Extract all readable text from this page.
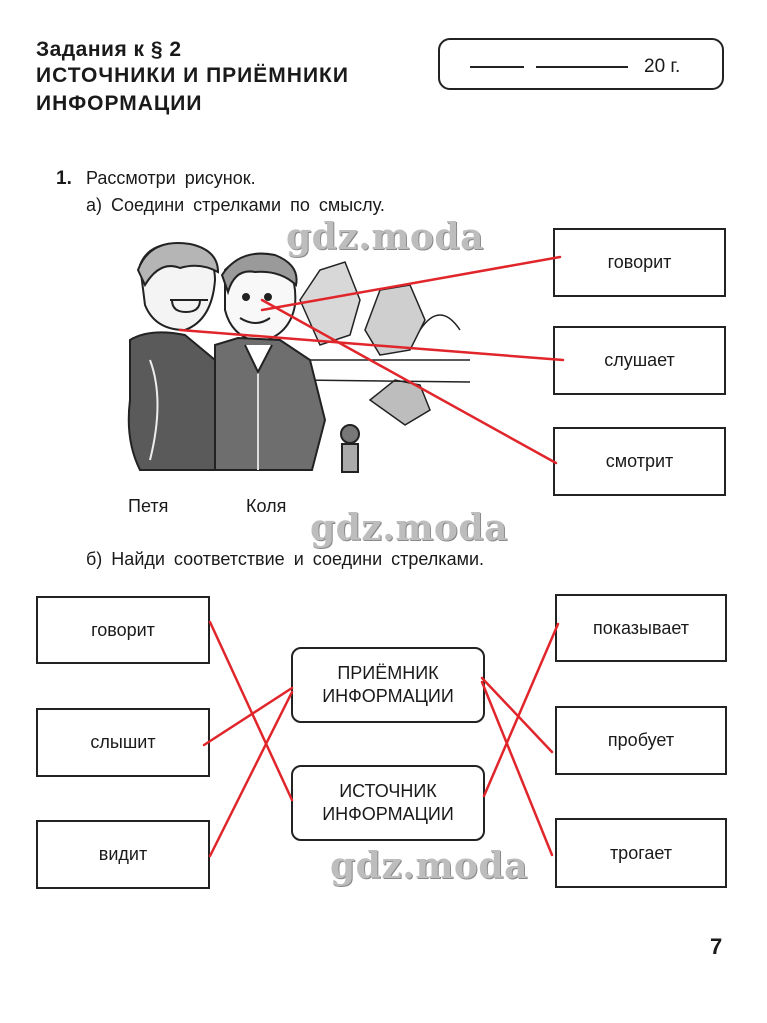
Задания к § 2
ИСТОЧНИКИ И ПРИЁМНИКИ
ИНФОРМАЦИИ
20 г.
1. Рассмотри рисунок.
а) Соедини стрелками по смыслу.
говорит
слушает
смотрит
Петя	Коля
б) Найди соответствие и соедини стрелками.
говорит
слышит
видит
ПРИЁМНИК
ИНФОРМАЦИИ
ИСТОЧНИК
ИНФОРМАЦИИ
показывает
пробует
трогает
gdz.moda
gdz.moda
gdz.moda
7
